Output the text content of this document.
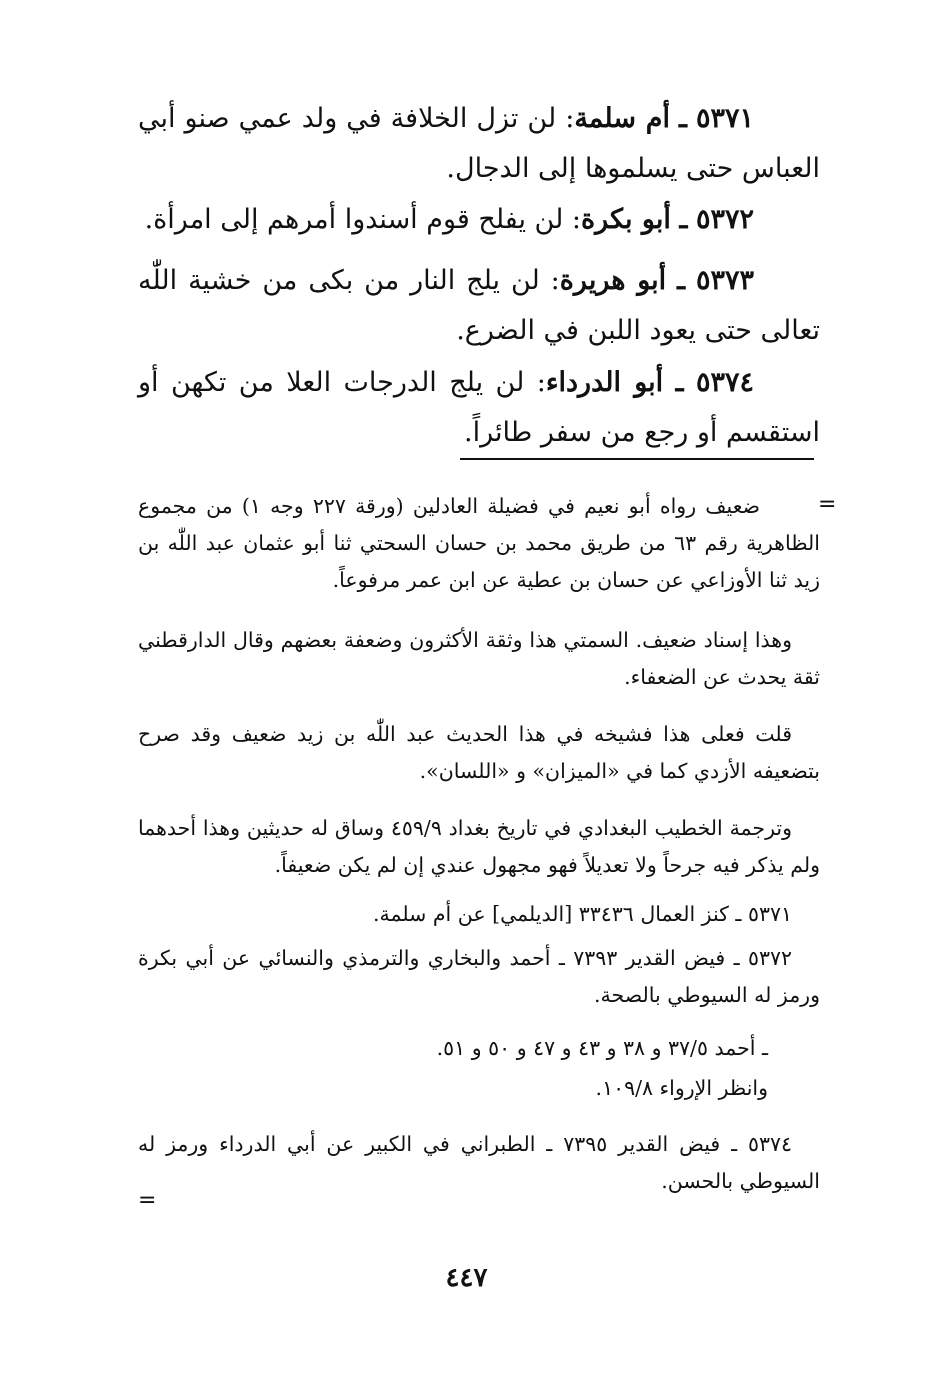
٥٣٧١ ـ أم سلمة: لن تزل الخلافة في ولد عمي صنو أبي العباس حتى يسلموها إلى الدجال.
٥٣٧٢ ـ أبو بكرة: لن يفلح قوم أسندوا أمرهم إلى امرأة.
٥٣٧٣ ـ أبو هريرة: لن يلج النار من بكى من خشية اللّٰه تعالى حتى يعود اللبن في الضرع.
٥٣٧٤ ـ أبو الدرداء: لن يلج الدرجات العلا من تكهن أو استقسم أو رجع من سفر طائراً.
=
=
ضعيف رواه أبو نعيم في فضيلة العادلين (ورقة ٢٢٧ وجه ١) من مجموع الظاهرية رقم ٦٣ من طريق محمد بن حسان السحتي ثنا أبو عثمان عبد اللّٰه بن زيد ثنا الأوزاعي عن حسان بن عطية عن ابن عمر مرفوعاً.
وهذا إسناد ضعيف. السمتي هذا وثقة الأكثرون وضعفة بعضهم وقال الدارقطني ثقة يحدث عن الضعفاء.
قلت فعلى هذا فشيخه في هذا الحديث عبد اللّٰه بن زيد ضعيف وقد صرح بتضعيفه الأزدي كما في «الميزان» و «اللسان».
وترجمة الخطيب البغدادي في تاريخ بغداد ٤٥٩/٩ وساق له حديثين وهذا أحدهما ولم يذكر فيه جرحاً ولا تعديلاً فهو مجهول عندي إن لم يكن ضعيفاً.
٥٣٧١ ـ كنز العمال ٣٣٤٣٦ [الديلمي] عن أم سلمة.
٥٣٧٢ ـ فيض القدير ٧٣٩٣ ـ أحمد والبخاري والترمذي والنسائي عن أبي بكرة ورمز له السيوطي بالصحة.
ـ أحمد ٣٧/٥ و ٣٨ و ٤٣ و ٤٧ و ٥٠ و ٥١.
وانظر الإرواء ١٠٩/٨.
٥٣٧٤ ـ فيض القدير ٧٣٩٥ ـ الطبراني في الكبير عن أبي الدرداء ورمز له السيوطي بالحسن.
٤٤٧
